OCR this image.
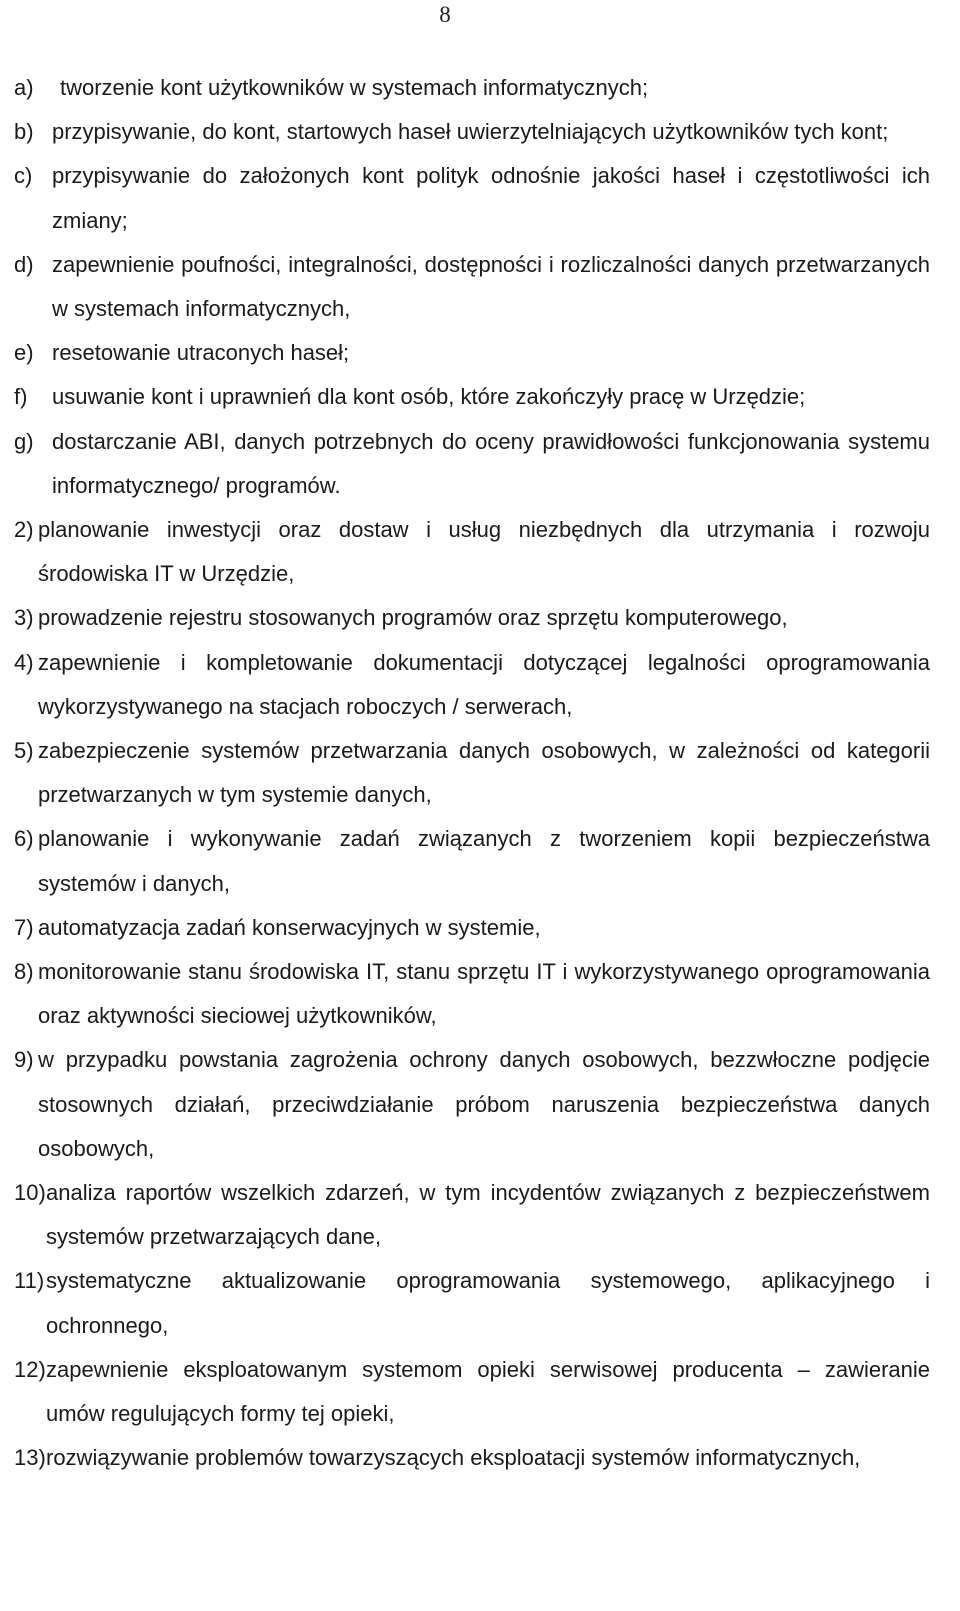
8
a)	tworzenie kont użytkowników w systemach informatycznych;
b) przypisywanie, do kont, startowych haseł uwierzytelniających użytkowników tych kont;
c) przypisywanie do założonych kont polityk odnośnie jakości haseł i częstotliwości ich zmiany;
d) zapewnienie poufności, integralności, dostępności i rozliczalności danych przetwarzanych w systemach informatycznych,
e) resetowanie utraconych haseł;
f)	usuwanie kont i uprawnień dla kont osób, które zakończyły pracę w Urzędzie;
g) dostarczanie ABI, danych potrzebnych do oceny prawidłowości funkcjonowania systemu informatycznego/ programów.
2) planowanie inwestycji oraz dostaw i usług niezbędnych dla utrzymania i rozwoju środowiska IT w Urzędzie,
3) prowadzenie rejestru stosowanych programów oraz sprzętu komputerowego,
4) zapewnienie i kompletowanie dokumentacji dotyczącej legalności oprogramowania wykorzystywanego na stacjach roboczych / serwerach,
5) zabezpieczenie systemów przetwarzania danych osobowych, w zależności od kategorii przetwarzanych w tym systemie danych,
6) planowanie i wykonywanie zadań związanych z tworzeniem kopii bezpieczeństwa systemów i danych,
7) automatyzacja zadań konserwacyjnych w systemie,
8) monitorowanie stanu środowiska IT, stanu sprzętu IT i wykorzystywanego oprogramowania oraz aktywności sieciowej użytkowników,
9) w przypadku powstania zagrożenia ochrony danych osobowych, bezzwłoczne podjęcie stosownych działań, przeciwdziałanie próbom naruszenia bezpieczeństwa danych osobowych,
10) analiza raportów wszelkich zdarzeń, w tym incydentów związanych z bezpieczeństwem systemów przetwarzających dane,
11) systematyczne aktualizowanie oprogramowania systemowego, aplikacyjnego i ochronnego,
12) zapewnienie eksploatowanym systemom opieki serwisowej producenta – zawieranie umów regulujących formy tej opieki,
13) rozwiązywanie problemów towarzyszących eksploatacji systemów informatycznych,
